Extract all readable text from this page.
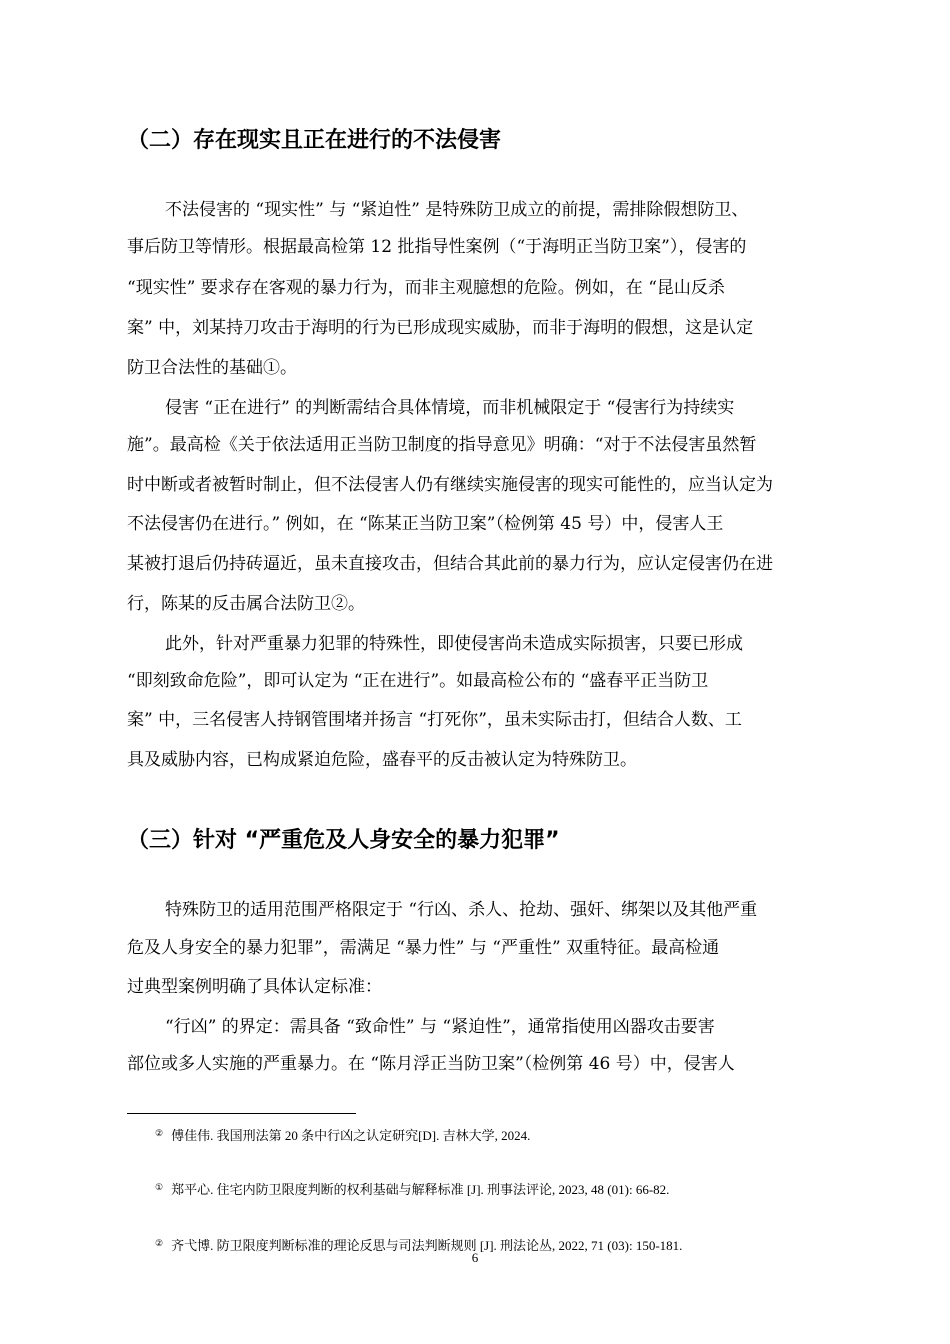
（二）存在现实且正在进行的不法侵害
不法侵害的 “现实性” 与 “紧迫性” 是特殊防卫成立的前提，需排除假想防卫、
事后防卫等情形。根据最高检第 12 批指导性案例（“于海明正当防卫案”），侵害的
“现实性” 要求存在客观的暴力行为，而非主观臆想的危险。例如，在 “昆山反杀
案” 中，刘某持刀攻击于海明的行为已形成现实威胁，而非于海明的假想，这是认定
防卫合法性的基础①。
侵害 “正在进行” 的判断需结合具体情境，而非机械限定于 “侵害行为持续实
施”。最高检《关于依法适用正当防卫制度的指导意见》明确：“对于不法侵害虽然暂
时中断或者被暂时制止，但不法侵害人仍有继续实施侵害的现实可能性的，应当认定为
不法侵害仍在进行。” 例如，在 “陈某正当防卫案”（检例第 45 号）中，侵害人王
某被打退后仍持砖逼近，虽未直接攻击，但结合其此前的暴力行为，应认定侵害仍在进
行，陈某的反击属合法防卫②。
此外，针对严重暴力犯罪的特殊性，即使侵害尚未造成实际损害，只要已形成
“即刻致命危险”，即可认定为 “正在进行”。如最高检公布的 “盛春平正当防卫
案” 中，三名侵害人持钢管围堵并扬言 “打死你”，虽未实际击打，但结合人数、工
具及威胁内容，已构成紧迫危险，盛春平的反击被认定为特殊防卫。
（三）针对 “严重危及人身安全的暴力犯罪”
特殊防卫的适用范围严格限定于 “行凶、杀人、抢劫、强奸、绑架以及其他严重
危及人身安全的暴力犯罪”，需满足 “暴力性” 与 “严重性” 双重特征。最高检通
过典型案例明确了具体认定标准：
“行凶” 的界定：需具备 “致命性” 与 “紧迫性”，通常指使用凶器攻击要害
部位或多人实施的严重暴力。在 “陈月浮正当防卫案”（检例第 46 号）中，侵害人
② 傅佳伟. 我国刑法第 20 条中行凶之认定研究[D]. 吉林大学, 2024.
① 郑平心. 住宅内防卫限度判断的权利基础与解释标准 [J]. 刑事法评论, 2023, 48 (01): 66-82.
② 齐弋博. 防卫限度判断标准的理论反思与司法判断规则 [J]. 刑法论丛, 2022, 71 (03): 150-181.
6
